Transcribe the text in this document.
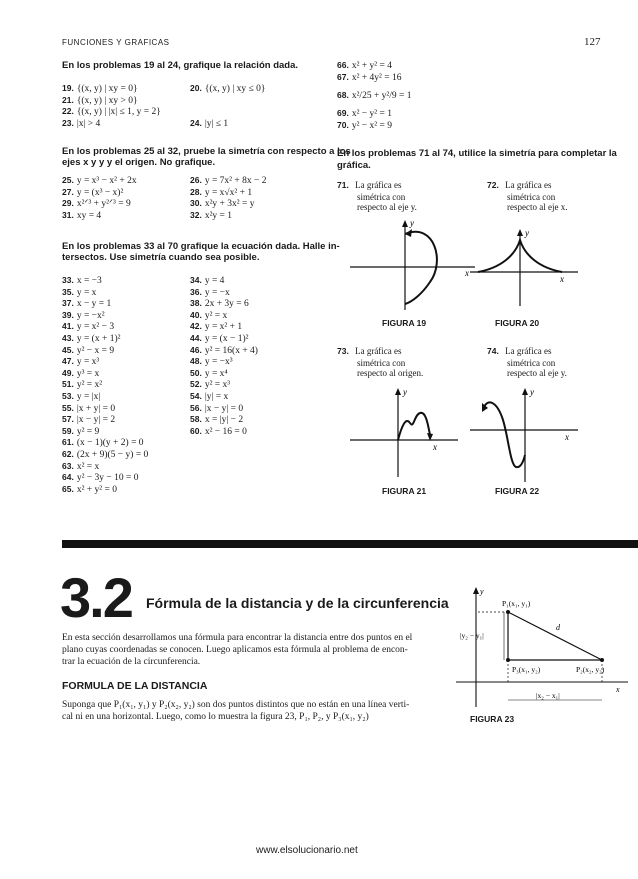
FUNCIONES Y GRAFICAS	127
En los problemas 19 al 24, grafique la relación dada.
19. {(x, y) | xy = 0}
21. {(x, y) | xy > 0}
22. {(x, y) | |x| ≤ 1, y = 2}
23. |x| > 4
20. {(x, y) | xy ≤ 0}
24. |y| ≤ 1
En los problemas 25 al 32, pruebe la simetría con respecto a los
ejes x y y y el origen. No grafique.
25. y = x³ − x² + 2x
27. y = (x³ − x)²
29. x²ᐟ³ + y²ᐟ³ = 9
31. xy = 4
26. y = 7x² + 8x − 2
28. y = x√x² + 1
30. x²y + 3x² = y
32. x²y = 1
En los problemas 33 al 70 grafique la ecuación dada. Halle in-
tersectos. Use simetría cuando sea posible.
33. x = −3
35. y = x
37. x − y = 1
39. y = −x²
41. y = x² − 3
43. y = (x + 1)²
45. y² − x = 9
47. y = x³
49. y³ = x
51. y² = x²
53. y = |x|
55. |x + y| = 0
57. |x − y| = 2
59. y² = 9
61. (x − 1)(y + 2) = 0
62. (2x + 9)(5 − y) = 0
63. x² = x
64. y² − 3y − 10 = 0
65. x² + y² = 0
34. y = 4
36. y = −x
38. 2x + 3y = 6
40. y² = x
42. y = x² + 1
44. y = (x − 1)²
46. y² = 16(x + 4)
48. y = −x³
50. y = x⁴
52. y² = x³
54. |y| = x
56. |x − y| = 0
58. x = |y| − 2
60. x² − 16 = 0
66. x² + y² = 4
67. x² + 4y² = 16
68. x²/25 + y²/9 = 1
69. x² − y² = 1
70. y² − x² = 9
En los problemas 71 al 74, utilice la simetría para completar la
gráfica.
71. La gráfica es
simétrica con
respecto al eje y.
72. La gráfica es
simétrica con
respecto al eje x.
y
x
FIGURA 19
y
x
FIGURA 20
73. La gráfica es
simétrica con
respecto al origen.
74. La gráfica es
simétrica con
respecto al eje y.
y
x
FIGURA 21
y
x
FIGURA 22
3.2 Fórmula de la distancia y de la circunferencia
En esta sección desarrollamos una fórmula para encontrar la distancia entre dos puntos en el
plano cuyas coordenadas se conocen. Luego aplicamos esta fórmula al problema de encon-
trar la ecuación de la circunferencia.
FORMULA DE LA DISTANCIA
Suponga que P₁(x₁, y₁) y P₂(x₂, y₂) son dos puntos distintos que no están en una línea verti-
cal ni en una horizontal. Luego, como lo muestra la figura 23, P₁, P₂, y P₃(x₁, y₂)
y
x
P₁(x₁, y₁)
P₂(x₂, y₂)
P₃(x₁, y₂)
d
|y₂ − y₁|
|x₂ − x₁|
FIGURA 23
www.elsolucionario.net
